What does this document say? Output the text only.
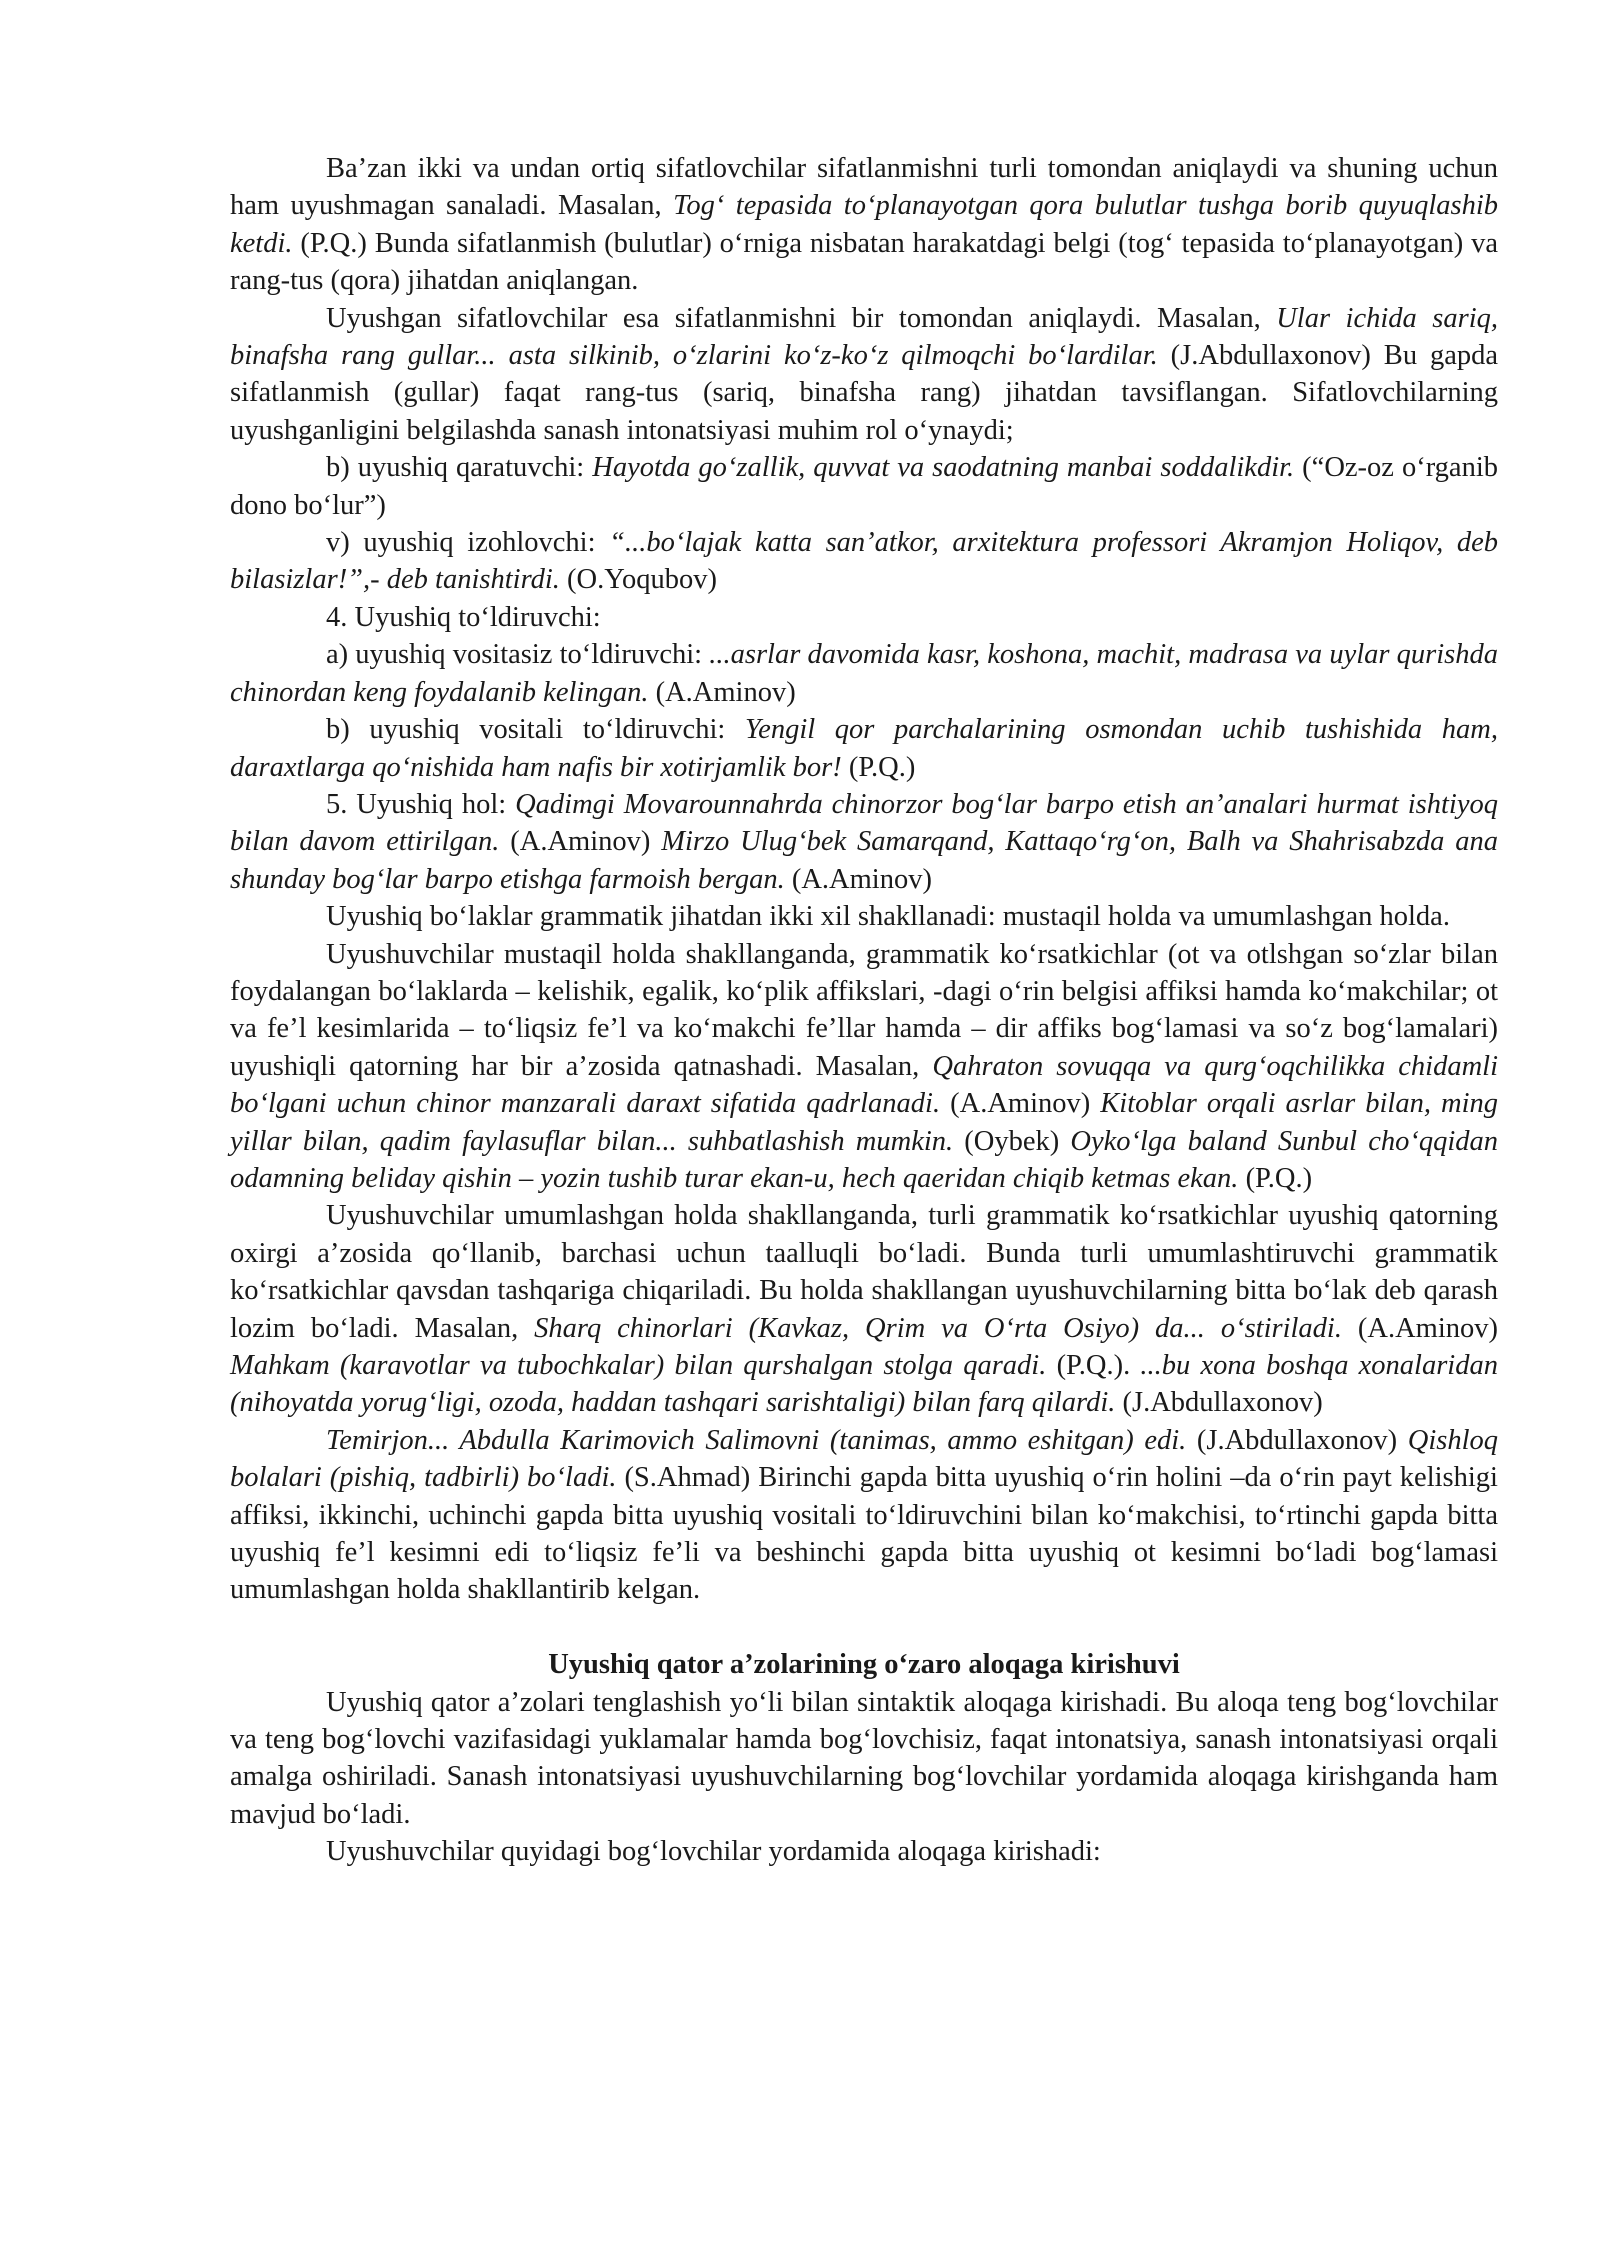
Ba’zan ikki va undan ortiq sifatlovchilar sifatlanmishni turli tomondan aniqlaydi va shuning uchun ham uyushmagan sanaladi. Masalan, Tog‘ tepasida to‘planayotgan qora bulutlar tushga borib quyuqlashib ketdi. (P.Q.) Bunda sifatlanmish (bulutlar) o‘rniga nisbatan harakatdagi belgi (tog‘ tepasida to‘planayotgan) va rang-tus (qora) jihatdan aniqlangan.

Uyushgan sifatlovchilar esa sifatlanmishni bir tomondan aniqlaydi. Masalan, Ular ichida sariq, binafsha rang gullar... asta silkinib, o‘zlarini ko‘z-ko‘z qilmoqchi bo‘lardilar. (J.Abdullaxonov) Bu gapda sifatlanmish (gullar) faqat rang-tus (sariq, binafsha rang) jihatdan tavsiflangan. Sifatlovchilarning uyushganligini belgilashda sanash intonatsiyasi muhim rol o‘ynaydi;

b) uyushiq qaratuvchi: Hayotda go‘zallik, quvvat va saodatning manbai soddalikdir. (“Oz-oz o‘rganib dono bo‘lur”)

v) uyushiq izohlovchi: “...bo‘lajak katta san’atkor, arxitektura professori Akramjon Holiqov, deb bilasizlar!”,- deb tanishtirdi. (O.Yoqubov)

4. Uyushiq to‘ldiruvchi:

a) uyushiq vositasiz to‘ldiruvchi: ...asrlar davomida kasr, koshona, machit, madrasa va uylar qurishda chinordan keng foydalanib kelingan. (A.Aminov)

b) uyushiq vositali to‘ldiruvchi: Yengil qor parchalarining osmondan uchib tushishida ham, daraxtlarga qo‘nishida ham nafis bir xotirjamlik bor! (P.Q.)

5. Uyushiq hol: Qadimgi Movarounnahrda chinorzor bog‘lar barpo etish an’analari hurmat ishtiyoq bilan davom ettirilgan. (A.Aminov) Mirzo Ulug‘bek Samarqand, Kattaqo‘rg‘on, Balh va Shahrisabzda ana shunday bog‘lar barpo etishga farmoish bergan. (A.Aminov)

Uyushiq bo‘laklar grammatik jihatdan ikki xil shakllanadi: mustaqil holda va umumlashgan holda.

Uyushuvchilar mustaqil holda shakllanganda, grammatik ko‘rsatkichlar (ot va otlshgan so‘zlar bilan foydalangan bo‘laklarda – kelishik, egalik, ko‘plik affikslari, -dagi o‘rin belgisi affiksi hamda ko‘makchilar; ot va fe’l kesimlarida – to‘liqsiz fe’l va ko‘makchi fe’llar hamda – dir affiks bog‘lamasi va so‘z bog‘lamalari) uyushiqli qatorning har bir a’zosida qatnashadi. Masalan, Qahraton sovuqqa va qurg‘oqchilikka chidamli bo‘lgani uchun chinor manzarali daraxt sifatida qadrlanadi. (A.Aminov) Kitoblar orqali asrlar bilan, ming yillar bilan, qadim faylasuflar bilan... suhbatlashish mumkin. (Oybek) Oyko‘lga baland Sunbul cho‘qqidan odamning beliday qishin – yozin tushib turar ekan-u, hech qaeridan chiqib ketmas ekan. (P.Q.)

Uyushuvchilar umumlashgan holda shakllanganda, turli grammatik ko‘rsatkichlar uyushiq qatorning oxirgi a’zosida qo‘llanib, barchasi uchun taalluqli bo‘ladi. Bunda turli umumlashtiruvchi grammatik ko‘rsatkichlar qavsdan tashqariga chiqariladi. Bu holda shakllangan uyushuvchilarning bitta bo‘lak deb qarash lozim bo‘ladi. Masalan, Sharq chinorlari (Kavkaz, Qrim va O‘rta Osiyo) da... o‘stiriladi. (A.Aminov) Mahkam (karavotlar va tubochkalar) bilan qurshalgan stolga qaradi. (P.Q.). ...bu xona boshqa xonalaridan (nihoyatda yorug‘ligi, ozoda, haddan tashqari sarishtaligi) bilan farq qilardi. (J.Abdullaxonov)

Temirjon... Abdulla Karimovich Salimovni (tanimas, ammo eshitgan) edi. (J.Abdullaxonov) Qishloq bolalari (pishiq, tadbirli) bo‘ladi. (S.Ahmad) Birinchi gapda bitta uyushiq o‘rin holini –da o‘rin payt kelishigi affiksi, ikkinchi, uchinchi gapda bitta uyushiq vositali to‘ldiruvchini bilan ko‘makchisi, to‘rtinchi gapda bitta uyushiq fe’l kesimni edi to‘liqsiz fe’li va beshinchi gapda bitta uyushiq ot kesimni bo‘ladi bog‘lamasi umumlashgan holda shakllantirib kelgan.

Uyushiq qator a’zolarining o‘zaro aloqaga kirishuvi

Uyushiq qator a’zolari tenglashish yo‘li bilan sintaktik aloqaga kirishadi. Bu aloqa teng bog‘lovchilar va teng bog‘lovchi vazifasidagi yuklamalar hamda bog‘lovchisiz, faqat intonatsiya, sanash intonatsiyasi orqali amalga oshiriladi. Sanash intonatsiyasi uyushuvchilarning bog‘lovchilar yordamida aloqaga kirishganda ham mavjud bo‘ladi.

Uyushuvchilar quyidagi bog‘lovchilar yordamida aloqaga kirishadi:
